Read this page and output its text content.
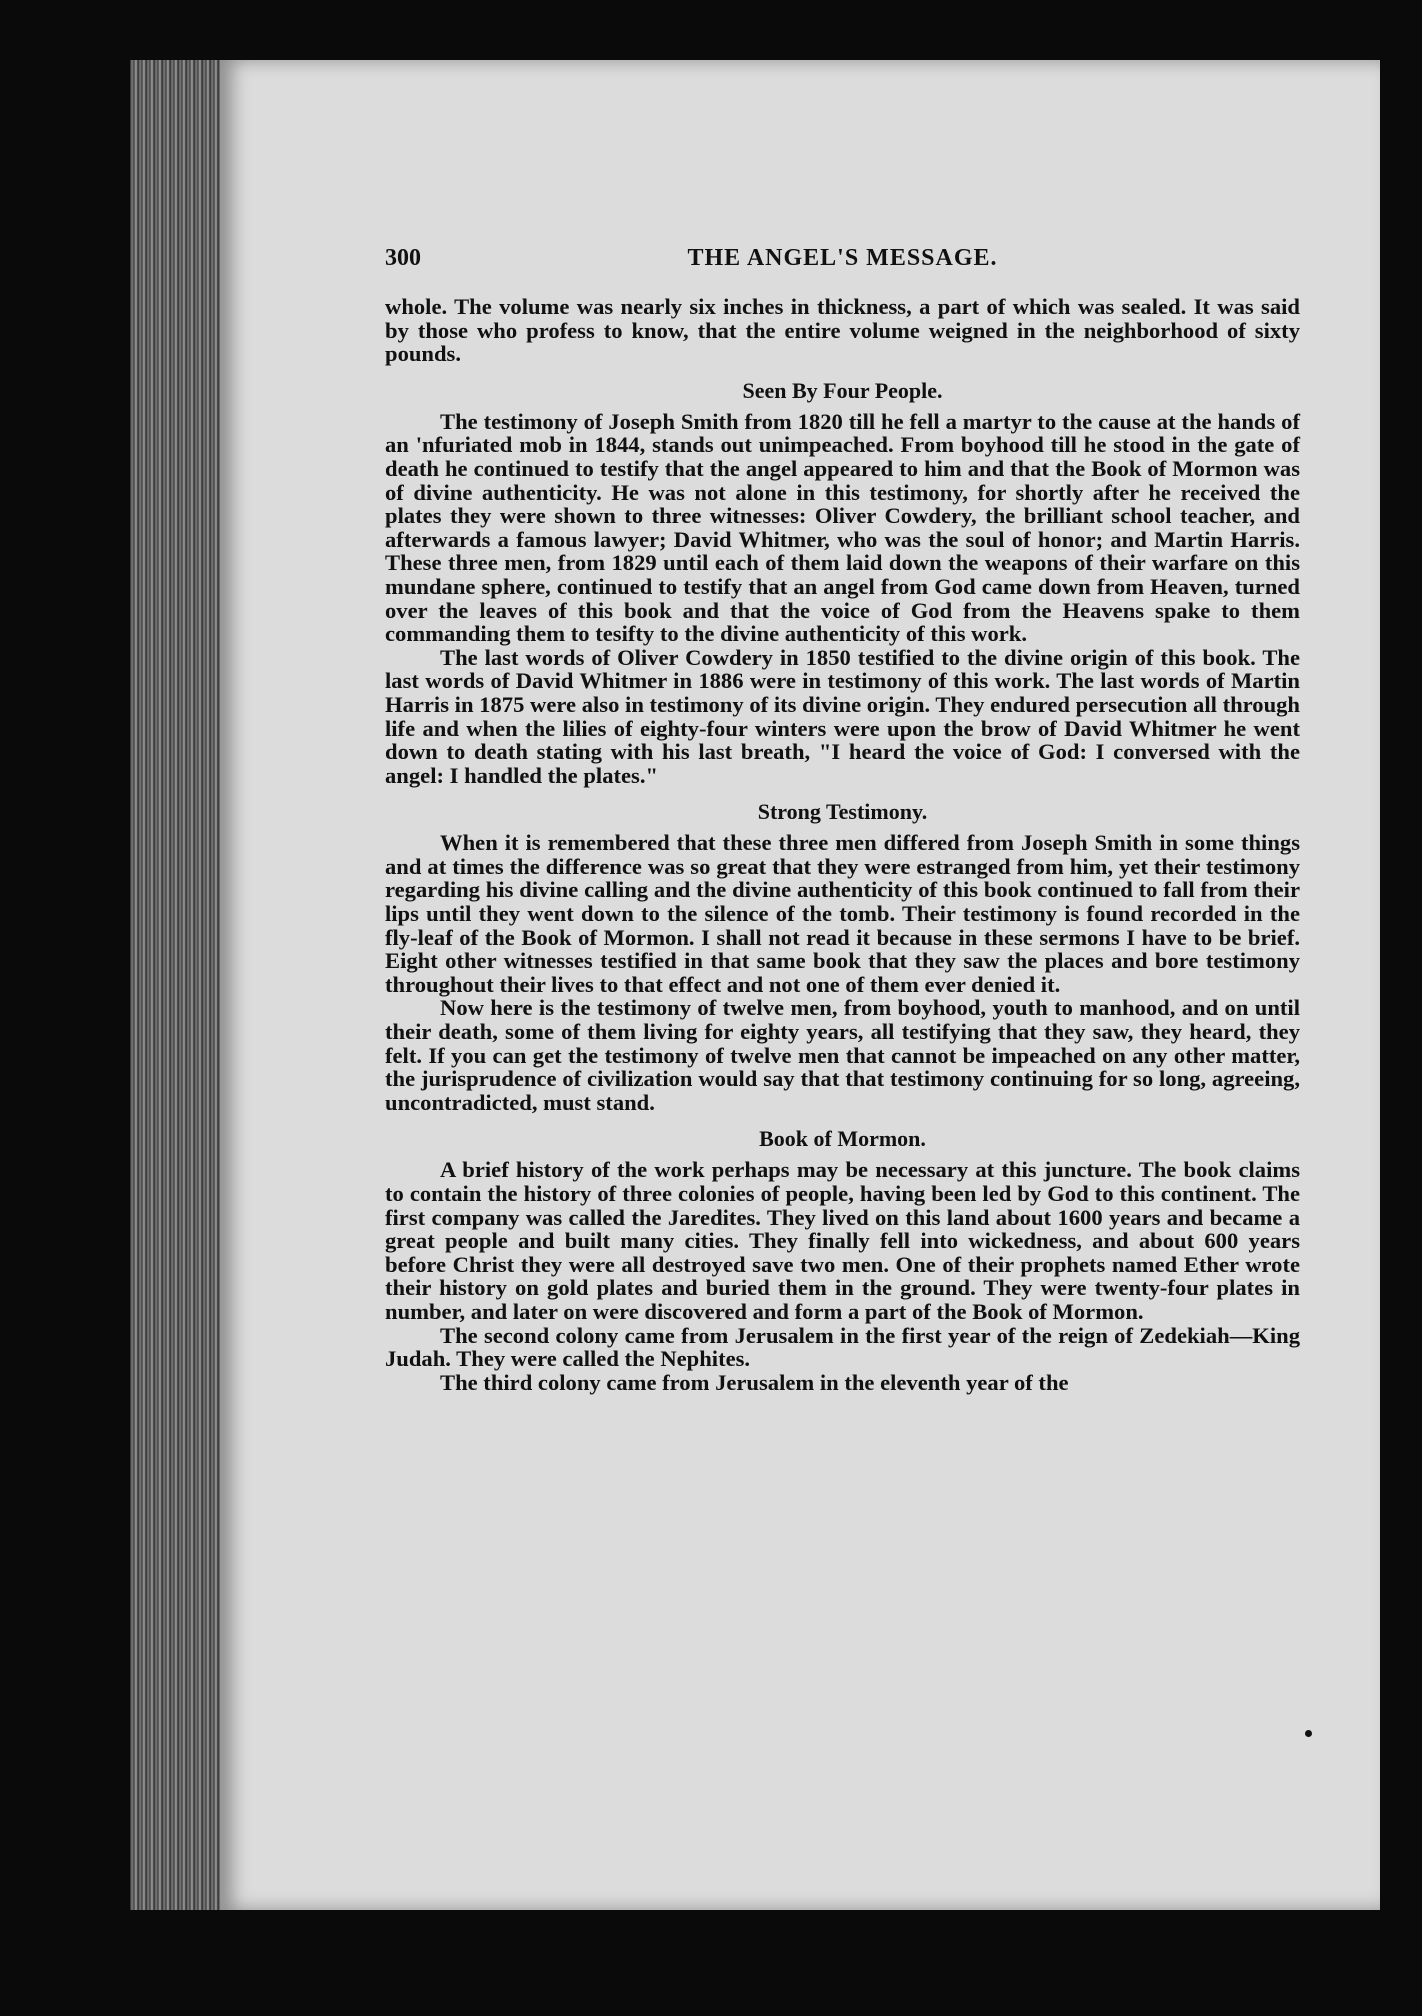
300	THE ANGEL'S MESSAGE.

whole. The volume was nearly six inches in thickness, a part of which was sealed. It was said by those who profess to know, that the entire volume weigned in the neighborhood of sixty pounds.

Seen By Four People.

The testimony of Joseph Smith from 1820 till he fell a martyr to the cause at the hands of an 'nfuriated mob in 1844, stands out unimpeached. From boyhood till he stood in the gate of death he continued to testify that the angel appeared to him and that the Book of Mormon was of divine authenticity. He was not alone in this testimony, for shortly after he received the plates they were shown to three witnesses: Oliver Cowdery, the brilliant school teacher, and afterwards a famous lawyer; David Whitmer, who was the soul of honor; and Martin Harris. These three men, from 1829 until each of them laid down the weapons of their warfare on this mundane sphere, continued to testify that an angel from God came down from Heaven, turned over the leaves of this book and that the voice of God from the Heavens spake to them commanding them to tesifty to the divine authenticity of this work.

The last words of Oliver Cowdery in 1850 testified to the divine origin of this book. The last words of David Whitmer in 1886 were in testimony of this work. The last words of Martin Harris in 1875 were also in testimony of its divine origin. They endured persecution all through life and when the lilies of eighty-four winters were upon the brow of David Whitmer he went down to death stating with his last breath, "I heard the voice of God: I conversed with the angel: I handled the plates."

Strong Testimony.

When it is remembered that these three men differed from Joseph Smith in some things and at times the difference was so great that they were estranged from him, yet their testimony regarding his divine calling and the divine authenticity of this book continued to fall from their lips until they went down to the silence of the tomb. Their testimony is found recorded in the fly-leaf of the Book of Mormon. I shall not read it because in these sermons I have to be brief. Eight other witnesses testified in that same book that they saw the places and bore testimony throughout their lives to that effect and not one of them ever denied it.

Now here is the testimony of twelve men, from boyhood, youth to manhood, and on until their death, some of them living for eighty years, all testifying that they saw, they heard, they felt. If you can get the testimony of twelve men that cannot be impeached on any other matter, the jurisprudence of civilization would say that that testimony continuing for so long, agreeing, uncontradicted, must stand.

Book of Mormon.

A brief history of the work perhaps may be necessary at this juncture. The book claims to contain the history of three colonies of people, having been led by God to this continent. The first company was called the Jaredites. They lived on this land about 1600 years and became a great people and built many cities. They finally fell into wickedness, and about 600 years before Christ they were all destroyed save two men. One of their prophets named Ether wrote their history on gold plates and buried them in the ground. They were twenty-four plates in number, and later on were discovered and form a part of the Book of Mormon.

The second colony came from Jerusalem in the first year of the reign of Zedekiah—King Judah. They were called the Nephites.

The third colony came from Jerusalem in the eleventh year of the
